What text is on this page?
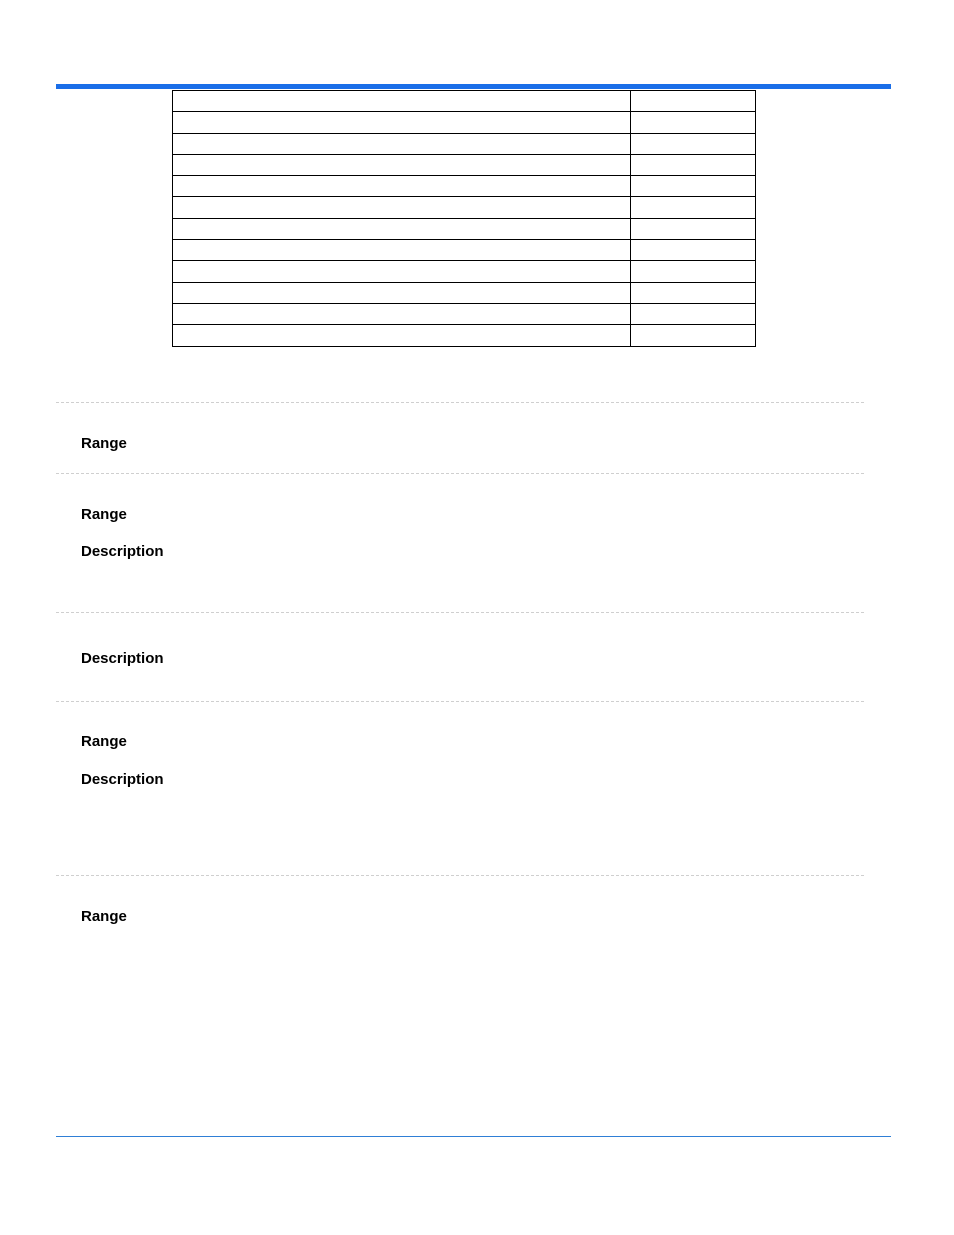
Range
Range
Description
Description
Range
Description
Range
